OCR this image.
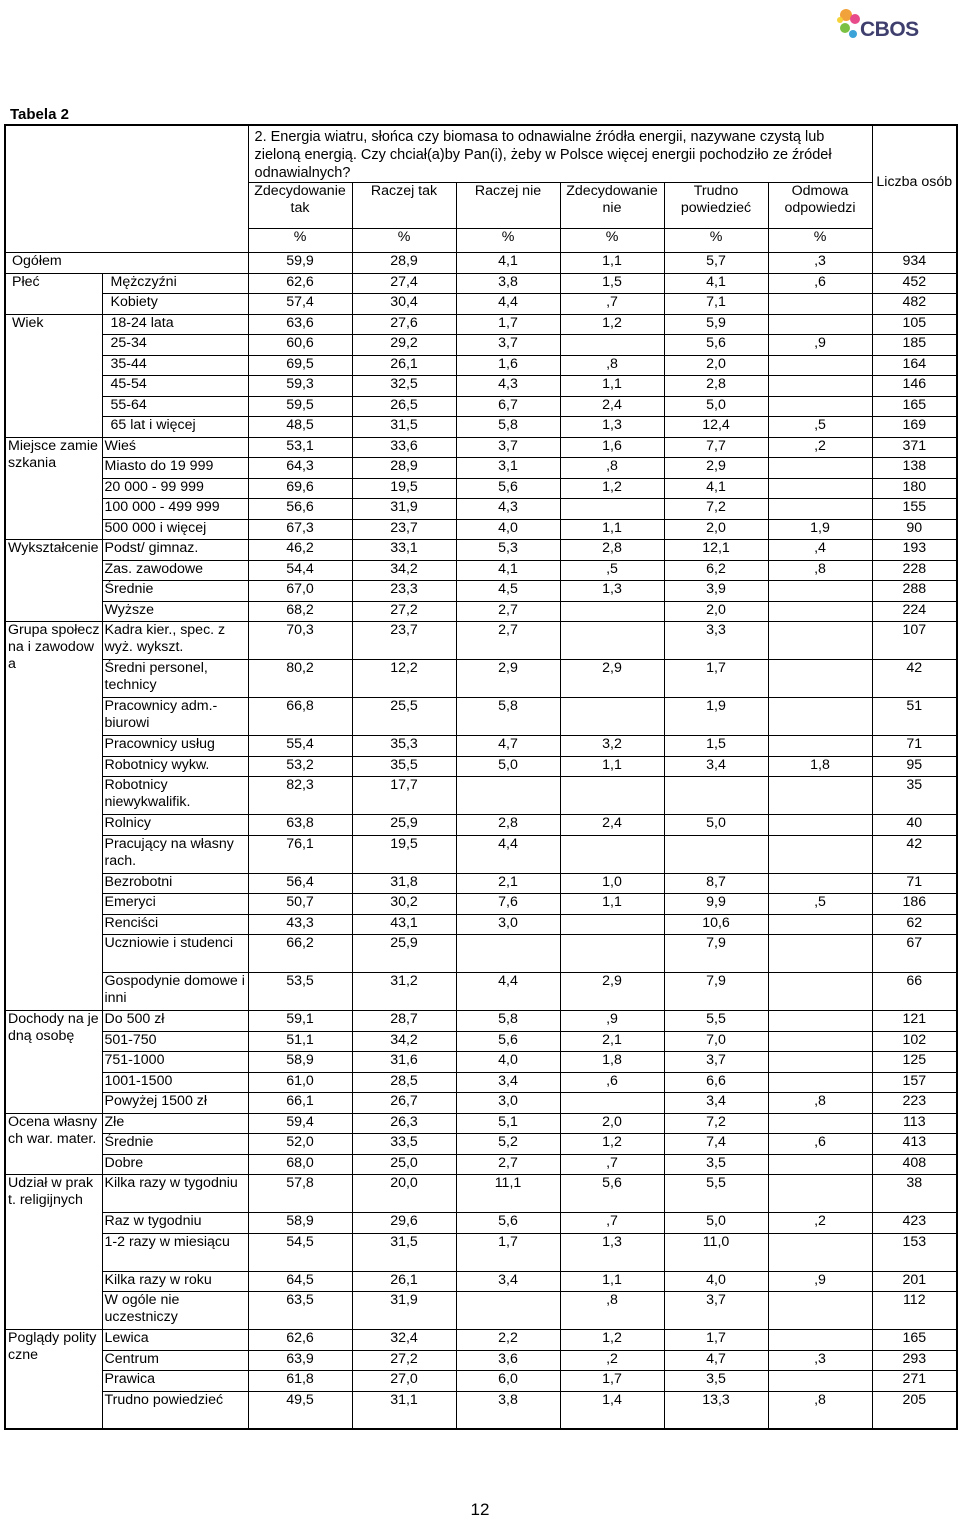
CBOS
Tabela 2
		2. Energia wiatru, słońca czy biomasa to odnawialne źródła energii, nazywane czystą lub zieloną energią. Czy chciał(a)by Pan(i), żeby w Polsce więcej energii pochodziło ze źródeł odnawialnych?						Liczba osób
		Zdecydowanie tak	Raczej tak	Raczej nie	Zdecydowanie nie	Trudno powiedzieć	Odmowa odpowiedzi	
		%	%	%	%	%	%	
Ogółem		59,9	28,9	4,1	1,1	5,7	,3	934
Płeć	Mężczyźni	62,6	27,4	3,8	1,5	4,1	,6	452
	Kobiety	57,4	30,4	4,4	,7	7,1		482
Wiek	18-24 lata	63,6	27,6	1,7	1,2	5,9		105
	25-34	60,6	29,2	3,7		5,6	,9	185
	35-44	69,5	26,1	1,6	,8	2,0		164
	45-54	59,3	32,5	4,3	1,1	2,8		146
	55-64	59,5	26,5	6,7	2,4	5,0		165
	65 lat i więcej	48,5	31,5	5,8	1,3	12,4	,5	169
Miejsce zamieszkania	Wieś	53,1	33,6	3,7	1,6	7,7	,2	371
	Miasto do 19 999	64,3	28,9	3,1	,8	2,9		138
	20 000 - 99 999	69,6	19,5	5,6	1,2	4,1		180
	100 000 - 499 999	56,6	31,9	4,3		7,2		155
	500 000 i więcej	67,3	23,7	4,0	1,1	2,0	1,9	90
Wykształcenie	Podst/ gimnaz.	46,2	33,1	5,3	2,8	12,1	,4	193
	Zas. zawodowe	54,4	34,2	4,1	,5	6,2	,8	228
	Średnie	67,0	23,3	4,5	1,3	3,9		288
	Wyższe	68,2	27,2	2,7		2,0		224
Grupa społeczna i zawodowa	Kadra kier., spec. z wyż. wykszt.	70,3	23,7	2,7		3,3		107
	Średni personel, technicy	80,2	12,2	2,9	2,9	1,7		42
	Pracownicy adm.-biurowi	66,8	25,5	5,8		1,9		51
	Pracownicy usług	55,4	35,3	4,7	3,2	1,5		71
	Robotnicy wykw.	53,2	35,5	5,0	1,1	3,4	1,8	95
	Robotnicy niewykwalifik.	82,3	17,7					35
	Rolnicy	63,8	25,9	2,8	2,4	5,0		40
	Pracujący na własny rach.	76,1	19,5	4,4				42
	Bezrobotni	56,4	31,8	2,1	1,0	8,7		71
	Emeryci	50,7	30,2	7,6	1,1	9,9	,5	186
	Renciści	43,3	43,1	3,0		10,6		62
	Uczniowie i studenci	66,2	25,9			7,9		67
	Gospodynie domowe i inni	53,5	31,2	4,4	2,9	7,9		66
Dochody na jedną osobę	Do 500 zł	59,1	28,7	5,8	,9	5,5		121
	501-750	51,1	34,2	5,6	2,1	7,0		102
	751-1000	58,9	31,6	4,0	1,8	3,7		125
	1001-1500	61,0	28,5	3,4	,6	6,6		157
	Powyżej 1500 zł	66,1	26,7	3,0		3,4	,8	223
Ocena własnych war. mater.	Złe	59,4	26,3	5,1	2,0	7,2		113
	Średnie	52,0	33,5	5,2	1,2	7,4	,6	413
	Dobre	68,0	25,0	2,7	,7	3,5		408
Udział w prakt. religijnych	Kilka razy w tygodniu	57,8	20,0	11,1	5,6	5,5		38
	Raz w tygodniu	58,9	29,6	5,6	,7	5,0	,2	423
	1-2 razy w miesiącu	54,5	31,5	1,7	1,3	11,0		153
	Kilka razy w roku	64,5	26,1	3,4	1,1	4,0	,9	201
	W ogóle nie uczestniczy	63,5	31,9		,8	3,7		112
Poglądy polityczne	Lewica	62,6	32,4	2,2	1,2	1,7		165
	Centrum	63,9	27,2	3,6	,2	4,7	,3	293
	Prawica	61,8	27,0	6,0	1,7	3,5		271
	Trudno powiedzieć	49,5	31,1	3,8	1,4	13,3	,8	205
12
